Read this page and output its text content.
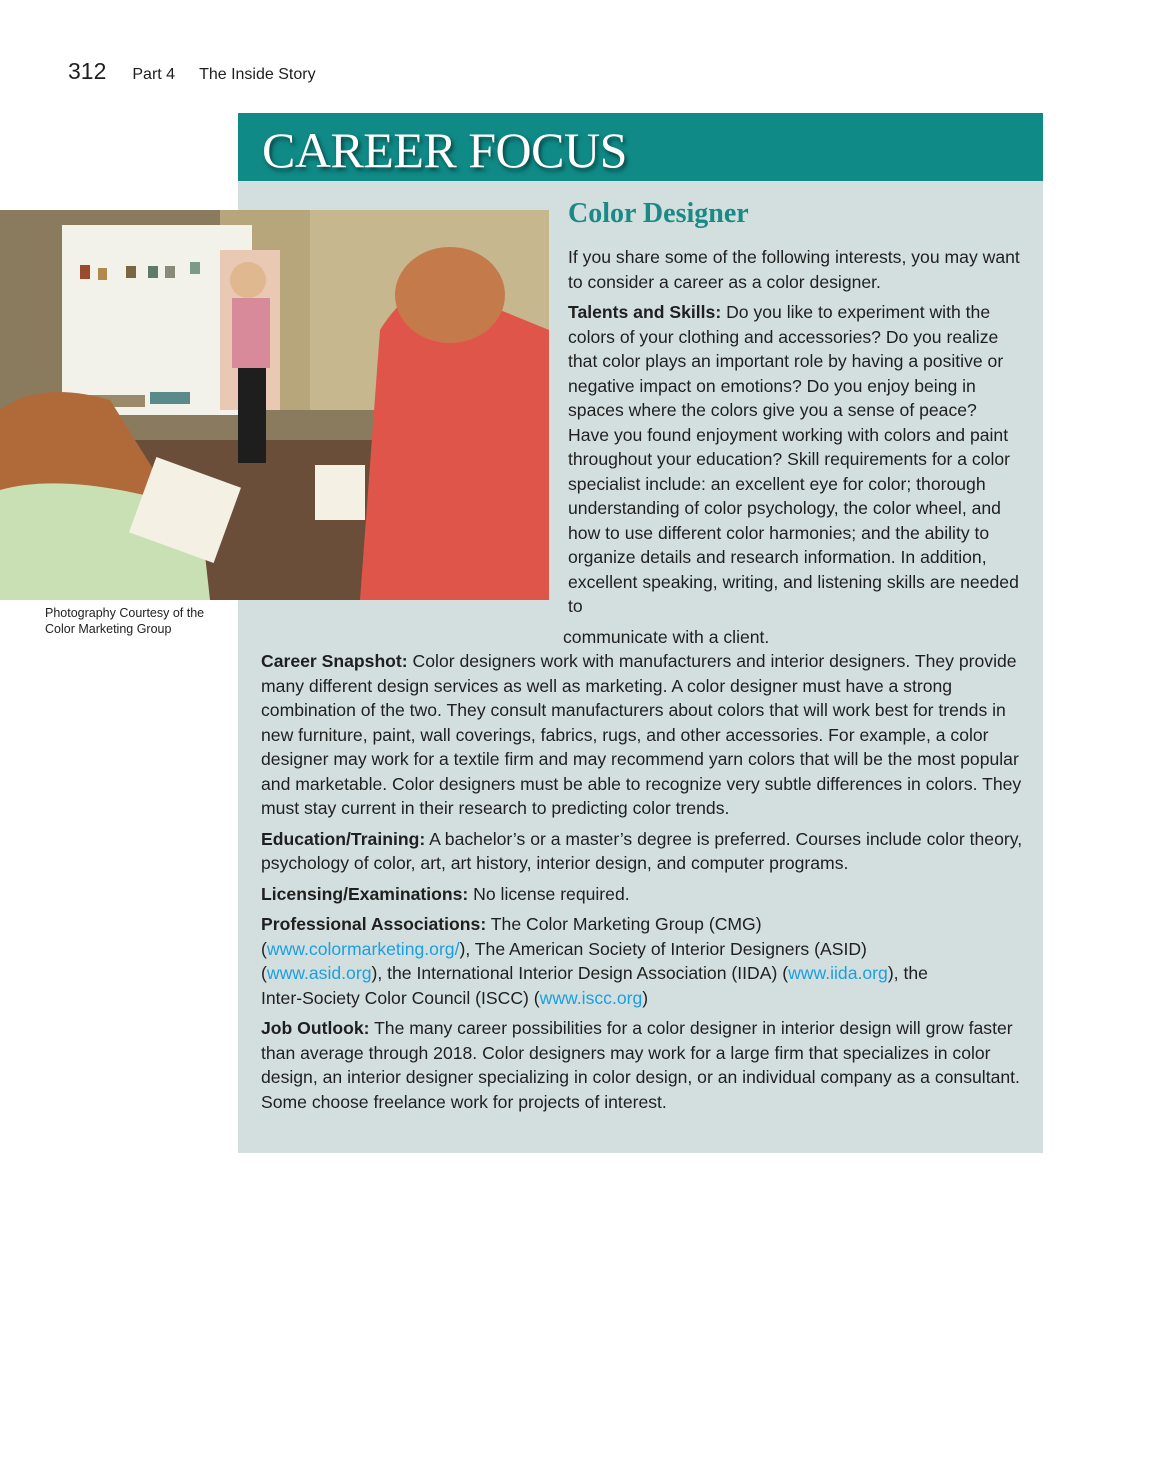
312 Part 4 The Inside Story
CAREER FOCUS
Photography Courtesy of the Color Marketing Group
Color Designer

If you share some of the following interests, you may want to consider a career as a color designer.

Talents and Skills: Do you like to experiment with the colors of your clothing and accessories? Do you realize that color plays an important role by having a positive or negative impact on emotions? Do you enjoy being in spaces where the colors give you a sense of peace? Have you found enjoyment working with colors and paint throughout your education? Skill requirements for a color specialist include: an excellent eye for color; thorough understanding of color psychology, the color wheel, and how to use different color harmonies; and the ability to organize details and research information. In addition, excellent speaking, writing, and listening skills are needed to

communicate with a client.

Career Snapshot: Color designers work with manufacturers and interior designers. They provide many different design services as well as marketing. A color designer must have a strong combination of the two. They consult manufacturers about colors that will work best for trends in new furniture, paint, wall coverings, fabrics, rugs, and other accessories. For example, a color designer may work for a textile firm and may recommend yarn colors that will be the most popular and marketable. Color designers must be able to recognize very subtle differences in colors. They must stay current in their research to predicting color trends.

Education/Training: A bachelor’s or a master’s degree is preferred. Courses include color theory, psychology of color, art, art history, interior design, and computer programs.

Licensing/Examinations: No license required.

Professional Associations: The Color Marketing Group (CMG)
(www.colormarketing.org/), The American Society of Interior Designers (ASID)
(www.asid.org), the International Interior Design Association (IIDA) (www.iida.org), the
Inter-Society Color Council (ISCC) (www.iscc.org)

Job Outlook: The many career possibilities for a color designer in interior design will grow faster than average through 2018. Color designers may work for a large firm that specializes in color design, an interior designer specializing in color design, or an individual company as a consultant. Some choose freelance work for projects of interest.
